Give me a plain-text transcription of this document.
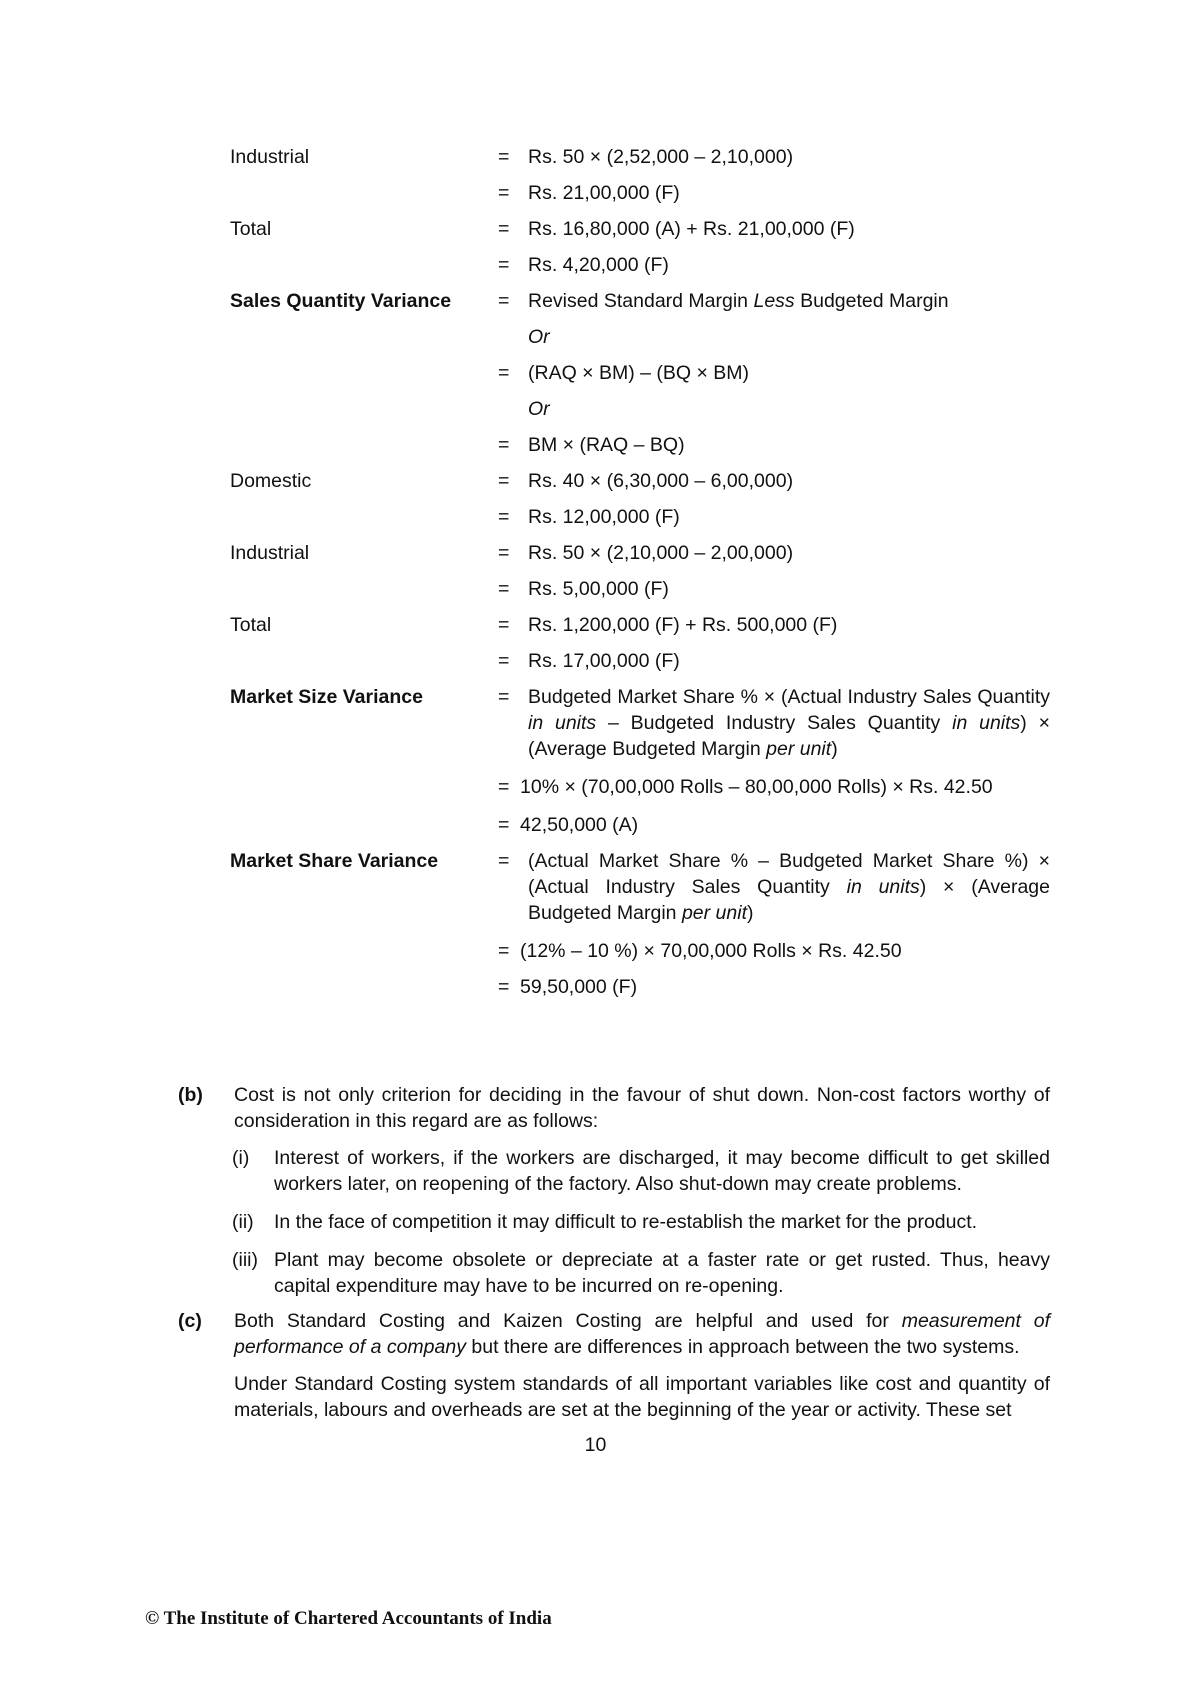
Industrial	= Rs. 50 × (2,52,000 – 2,10,000)
= Rs. 21,00,000 (F)
Total	= Rs. 16,80,000 (A) + Rs. 21,00,000 (F)
= Rs. 4,20,000 (F)
Sales Quantity Variance	= Revised Standard Margin Less Budgeted Margin
Or
= (RAQ × BM) – (BQ × BM)
Or
= BM × (RAQ – BQ)
Domestic	= Rs. 40 × (6,30,000 – 6,00,000)
= Rs. 12,00,000 (F)
Industrial	= Rs. 50 × (2,10,000 – 2,00,000)
= Rs. 5,00,000 (F)
Total	= Rs. 1,200,000 (F) + Rs. 500,000 (F)
= Rs. 17,00,000 (F)
Market Size Variance	= Budgeted Market Share % × (Actual Industry Sales Quantity in units – Budgeted Industry Sales Quantity in units) × (Average Budgeted Margin per unit)
= 10% × (70,00,000 Rolls – 80,00,000 Rolls) × Rs. 42.50
= 42,50,000 (A)
Market Share Variance	= (Actual Market Share % – Budgeted Market Share %) × (Actual Industry Sales Quantity in units) × (Average Budgeted Margin per unit)
= (12% – 10 %) × 70,00,000 Rolls × Rs. 42.50
= 59,50,000 (F)
(b) Cost is not only criterion for deciding in the favour of shut down. Non-cost factors worthy of consideration in this regard are as follows:
(i) Interest of workers, if the workers are discharged, it may become difficult to get skilled workers later, on reopening of the factory. Also shut-down may create problems.
(ii) In the face of competition it may difficult to re-establish the market for the product.
(iii) Plant may become obsolete or depreciate at a faster rate or get rusted. Thus, heavy capital expenditure may have to be incurred on re-opening.
(c) Both Standard Costing and Kaizen Costing are helpful and used for measurement of performance of a company but there are differences in approach between the two systems.
Under Standard Costing system standards of all important variables like cost and quantity of materials, labours and overheads are set at the beginning of the year or activity. These set
10
© The Institute of Chartered Accountants of India
